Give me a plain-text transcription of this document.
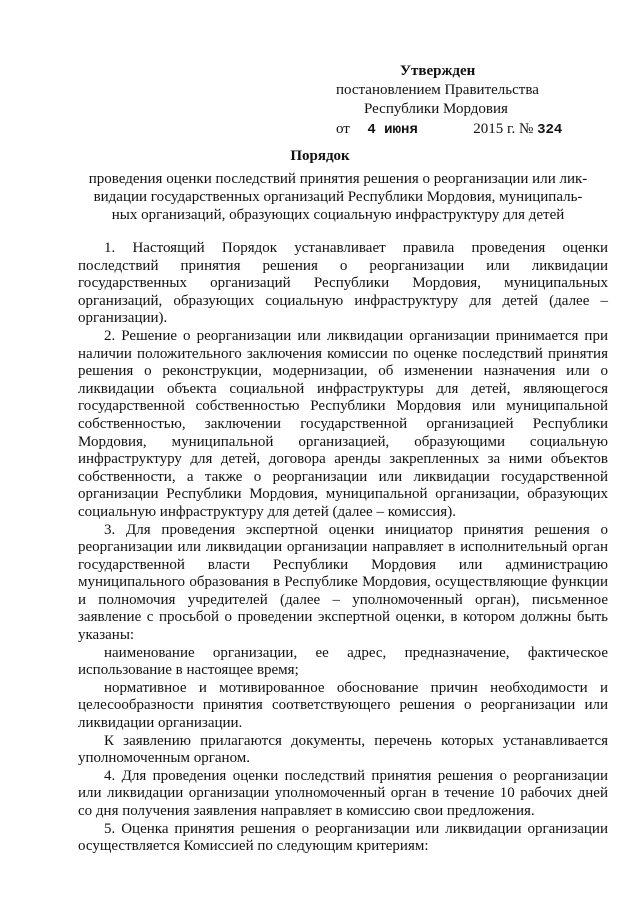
Утвержден
постановлением Правительства
Республики Мордовия
от 4 июня	2015 г. № 324
Порядок
проведения оценки последствий принятия решения о реорганизации или лик-
видации государственных организаций Республики Мордовия, муниципаль-
ных организаций, образующих социальную инфраструктуру для детей

1. Настоящий Порядок устанавливает правила проведения оценки последствий принятия решения о реорганизации или ликвидации государственных организаций Республики Мордовия, муниципальных организаций, образующих социальную инфраструктуру для детей (далее – организации).

2. Решение о реорганизации или ликвидации организации принимается при наличии положительного заключения комиссии по оценке последствий принятия решения о реконструкции, модернизации, об изменении назначения или о ликвидации объекта социальной инфраструктуры для детей, являющегося государственной собственностью Республики Мордовия или муниципальной собственностью, заключении государственной организацией Республики Мордовия, муниципальной организацией, образующими социальную инфраструктуру для детей, договора аренды закрепленных за ними объектов собственности, а также о реорганизации или ликвидации государственной организации Республики Мордовия, муниципальной организации, образующих социальную инфраструктуру для детей (далее – комиссия).

3. Для проведения экспертной оценки инициатор принятия решения о реорганизации или ликвидации организации направляет в исполнительный орган государственной власти Республики Мордовия или администрацию муниципального образования в Республике Мордовия, осуществляющие функции и полномочия учредителей (далее – уполномоченный орган), письменное заявление с просьбой о проведении экспертной оценки, в котором должны быть указаны:

наименование организации, ее адрес, предназначение, фактическое использование в настоящее время;

нормативное и мотивированное обоснование причин необходимости и целесообразности принятия соответствующего решения о реорганизации или ликвидации организации.

К заявлению прилагаются документы, перечень которых устанавливается уполномоченным органом.

4. Для проведения оценки последствий принятия решения о реорганизации или ликвидации организации уполномоченный орган в течение 10 рабочих дней со дня получения заявления направляет в комиссию свои предложения.

5. Оценка принятия решения о реорганизации или ликвидации организации осуществляется Комиссией по следующим критериям:
